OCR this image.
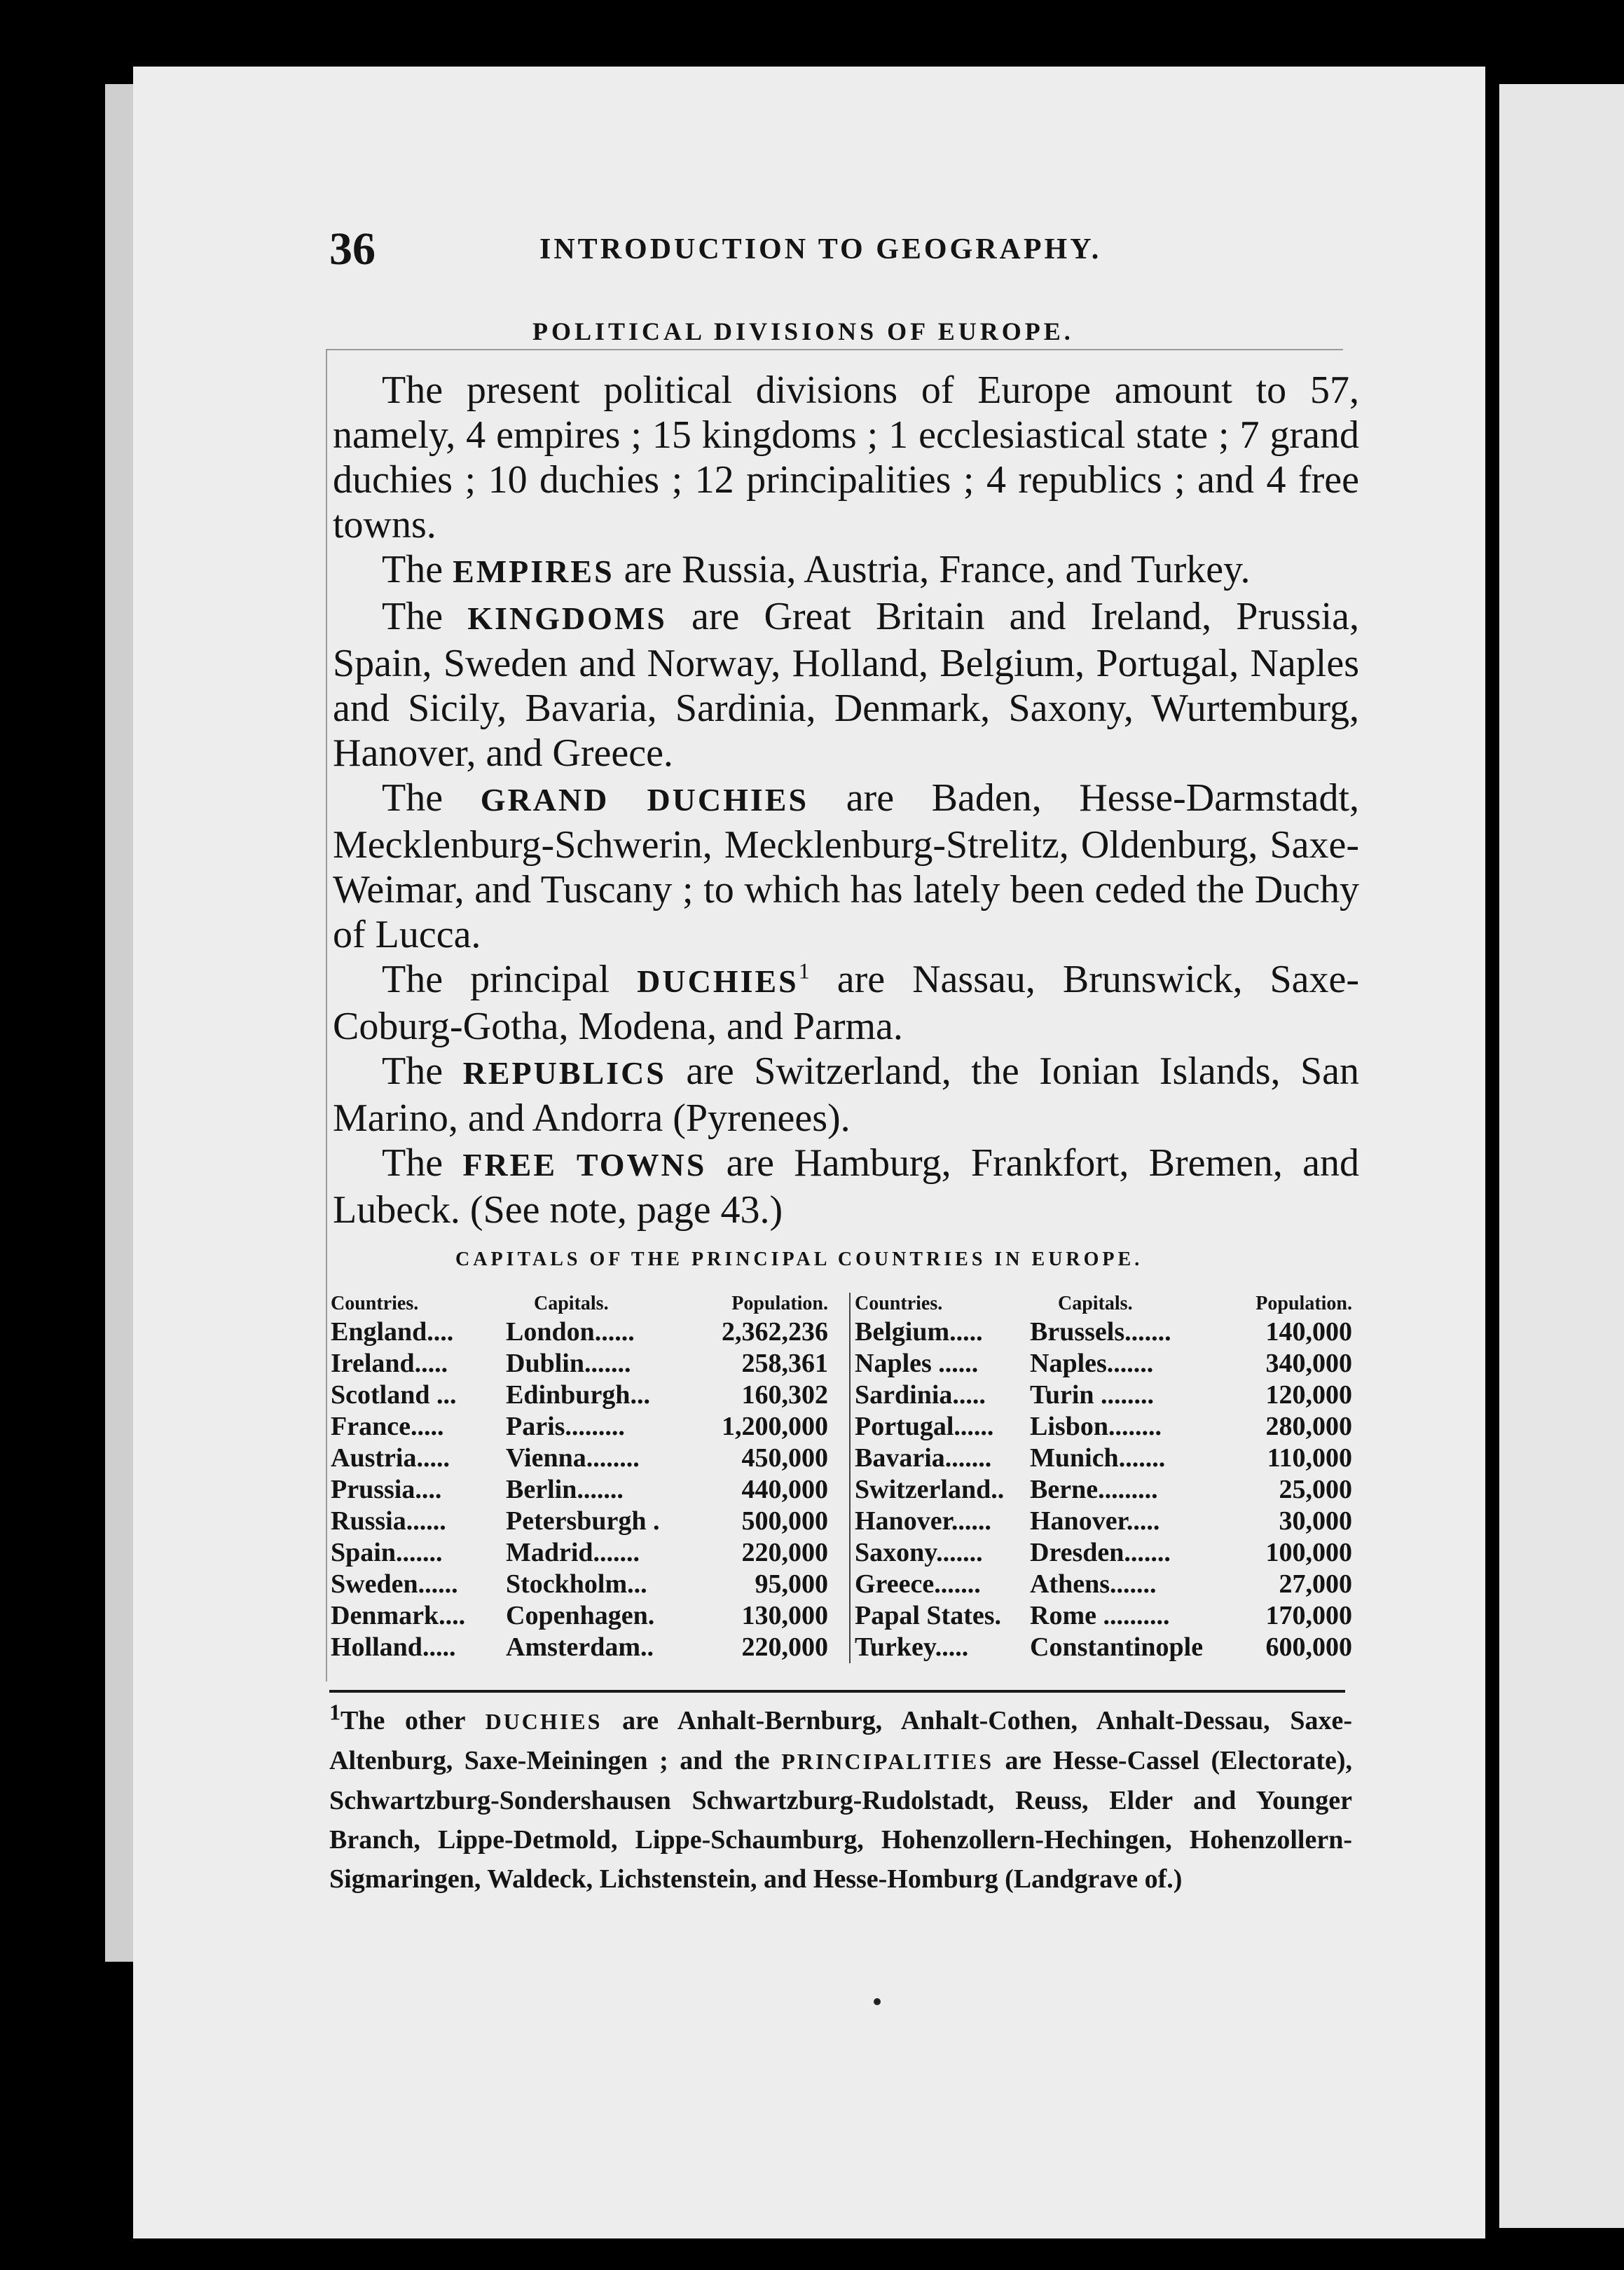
36	INTRODUCTION TO GEOGRAPHY.
POLITICAL DIVISIONS OF EUROPE.

The present political divisions of Europe amount to 57, namely, 4 empires ; 15 kingdoms ; 1 ecclesiastical state ; 7 grand duchies ; 10 duchies ; 12 principalities ; 4 republics ; and 4 free towns.

The EMPIRES are Russia, Austria, France, and Turkey.

The KINGDOMS are Great Britain and Ireland, Prussia, Spain, Sweden and Norway, Holland, Belgium, Portugal, Naples and Sicily, Bavaria, Sardinia, Denmark, Saxony, Wurtemburg, Hanover, and Greece.

The GRAND DUCHIES are Baden, Hesse-Darmstadt, Mecklenburg-Schwerin, Mecklenburg-Strelitz, Oldenburg, Saxe-Weimar, and Tuscany ; to which has lately been ceded the Duchy of Lucca.

The principal DUCHIES$^1$ are Nassau, Brunswick, Saxe-Coburg-Gotha, Modena, and Parma.

The REPUBLICS are Switzerland, the Ionian Islands, San Marino, and Andorra (Pyrenees).

The FREE TOWNS are Hamburg, Frankfort, Bremen, and Lubeck. (See note, page 43.)

CAPITALS OF THE PRINCIPAL COUNTRIES IN EUROPE.
Countries.	Capitals.	Population.
England....	London......	2,362,236
Ireland.....	Dublin.......	258,361
Scotland ...	Edinburgh...	160,302
France.....	Paris.........	1,200,000
Austria.....	Vienna........	450,000
Prussia....	Berlin.......	440,000
Russia......	Petersburgh .	500,000
Spain.......	Madrid.......	220,000
Sweden......	Stockholm...	95,000
Denmark....	Copenhagen.	130,000
Holland.....	Amsterdam..	220,000
Countries.	Capitals.	Population.
Belgium.....	Brussels.......	140,000
Naples ......	Naples.......	340,000
Sardinia.....	Turin ........	120,000
Portugal......	Lisbon........	280,000
Bavaria.......	Munich.......	110,000
Switzerland.. Berne.........	25,000
Hanover......	Hanover.....	30,000
Saxony.......	Dresden.......	100,000
Greece.......	Athens.......	27,000
Papal States.	Rome ..........	170,000
Turkey.....	Constantinople	600,000
$^1$The other DUCHIES are Anhalt-Bernburg, Anhalt-Cothen, Anhalt-Dessau, Saxe-Altenburg, Saxe-Meiningen ; and the PRINCIPALITIES are Hesse-Cassel (Electorate), Schwartzburg-Sondershausen Schwartzburg-Rudolstadt, Reuss, Elder and Younger Branch, Lippe-Detmold, Lippe-Schaumburg, Hohenzollern-Hechingen, Hohenzollern-Sigmaringen, Waldeck, Lichstenstein, and Hesse-Homburg (Landgrave of.)
